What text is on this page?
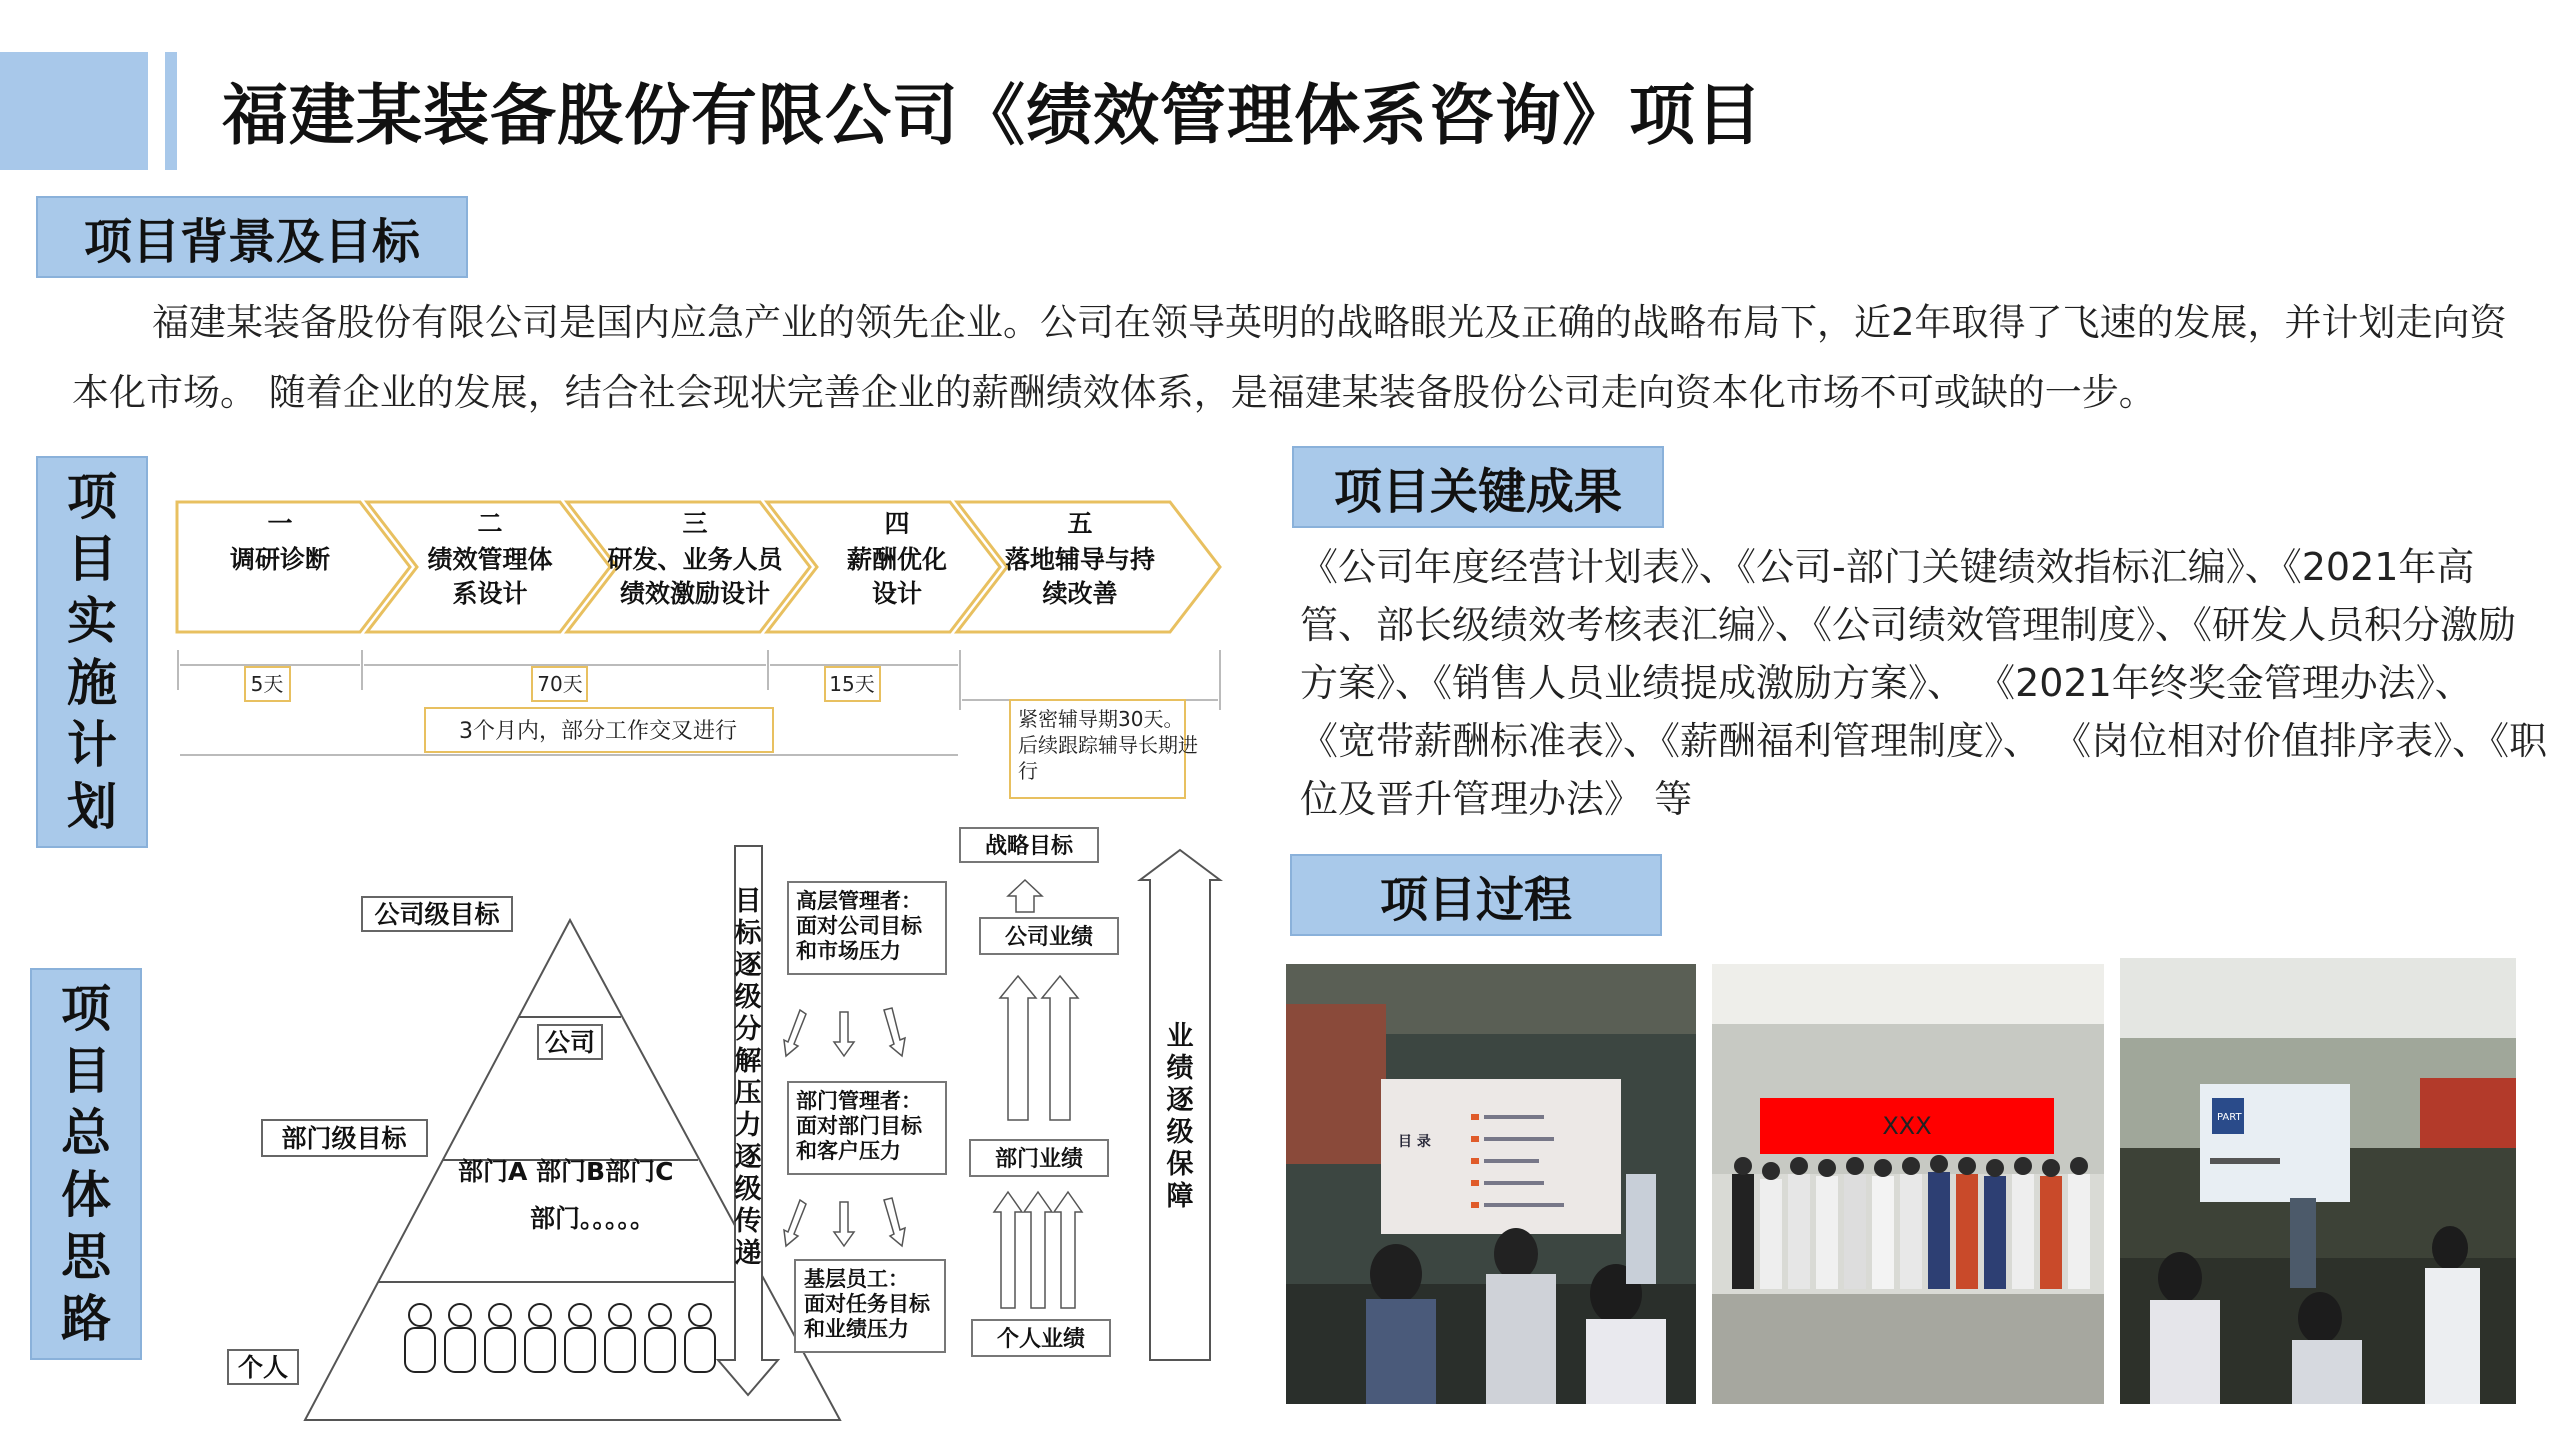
福建某装备股份有限公司《绩效管理体系咨询》项目
项目背景及目标
福建某装备股份有限公司是国内应急产业的领先企业。公司在领导英明的战略眼光及正确的战略布局下，近2年取得了飞速的发展，并计划走向资本化市场。 随着企业的发展，结合社会现状完善企业的薪酬绩效体系，是福建某装备股份公司走向资本化市场不可或缺的一步。
项
目
实
施
计
划
项
目
总
体
思
路
一
调研诊断
二
绩效管理体
系设计
三
研发、业务人员
绩效激励设计
四
薪酬优化
设计
五
落地辅导与持
续改善
5天	70天	15天
3个月内，部分工作交叉进行	紧密辅导期30天。
后续跟踪辅导长期进
行
公司级目标
公司
部门级目标
部门A 部门B部门C
部门。。。。。
个人
目
标
逐
级
分
解
压
力
逐
级
传
递
高层管理者：
面对公司目标
和市场压力
部门管理者：
面对部门目标
和客户压力
基层员工：
面对任务目标
和业绩压力
战略目标
公司业绩
部门业绩
个人业绩
业
绩
逐
级
保
障
项目关键成果
《公司年度经营计划表》、《公司-部门关键绩效指标汇编》、《2021年高管、部长级绩效考核表汇编》、《公司绩效管理制度》、《研发人员积分激励方案》、《销售人员业绩提成激励方案》、 《2021年终奖金管理办法》、 《宽带薪酬标准表》、《薪酬福利管理制度》、 《岗位相对价值排序表》、《职位及晋升管理办法》 等
项目过程
目 录
XXX	PART
